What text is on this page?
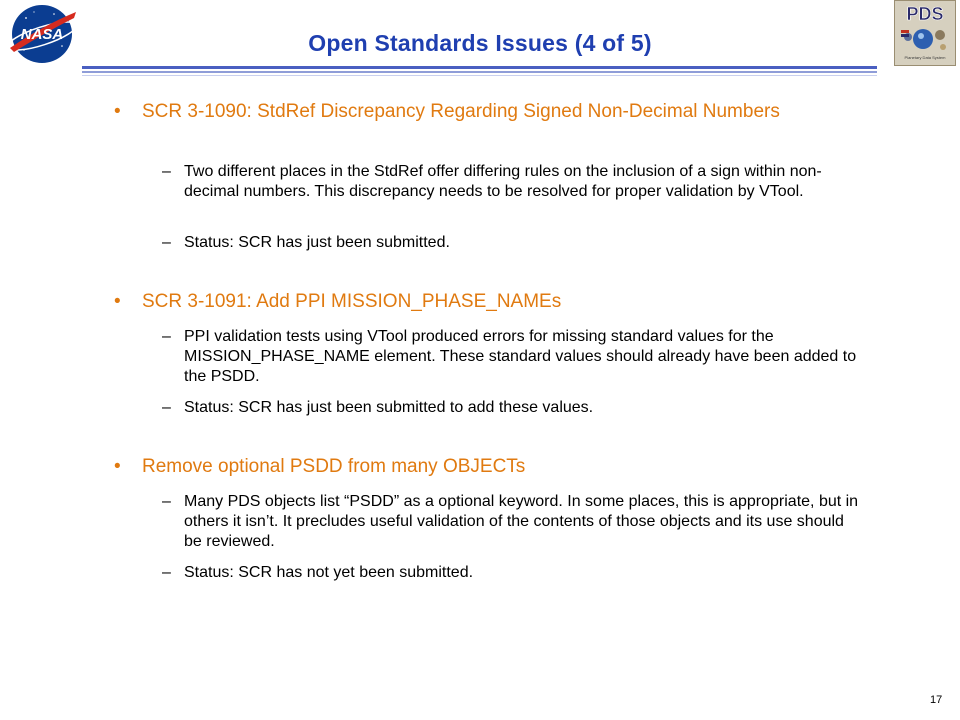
NASA
PDS
Planetary Data System
Open Standards Issues (4 of 5)
• SCR 3-1090: StdRef Discrepancy Regarding Signed Non-Decimal Numbers
– Two different places in the StdRef offer differing rules on the inclusion of a sign within non-decimal numbers. This discrepancy needs to be resolved for proper validation by VTool.
– Status: SCR has just been submitted.
• SCR 3-1091: Add PPI MISSION_PHASE_NAMEs
– PPI validation tests using VTool produced errors for missing standard values for the MISSION_PHASE_NAME element. These standard values should already have been added to the PSDD.
– Status: SCR has just been submitted to add these values.
• Remove optional PSDD from many OBJECTs
– Many PDS objects list “PSDD” as a optional keyword. In some places, this is appropriate, but in others it isn’t. It precludes useful validation of the contents of those objects and its use should be reviewed.
– Status: SCR has not yet been submitted.
17
